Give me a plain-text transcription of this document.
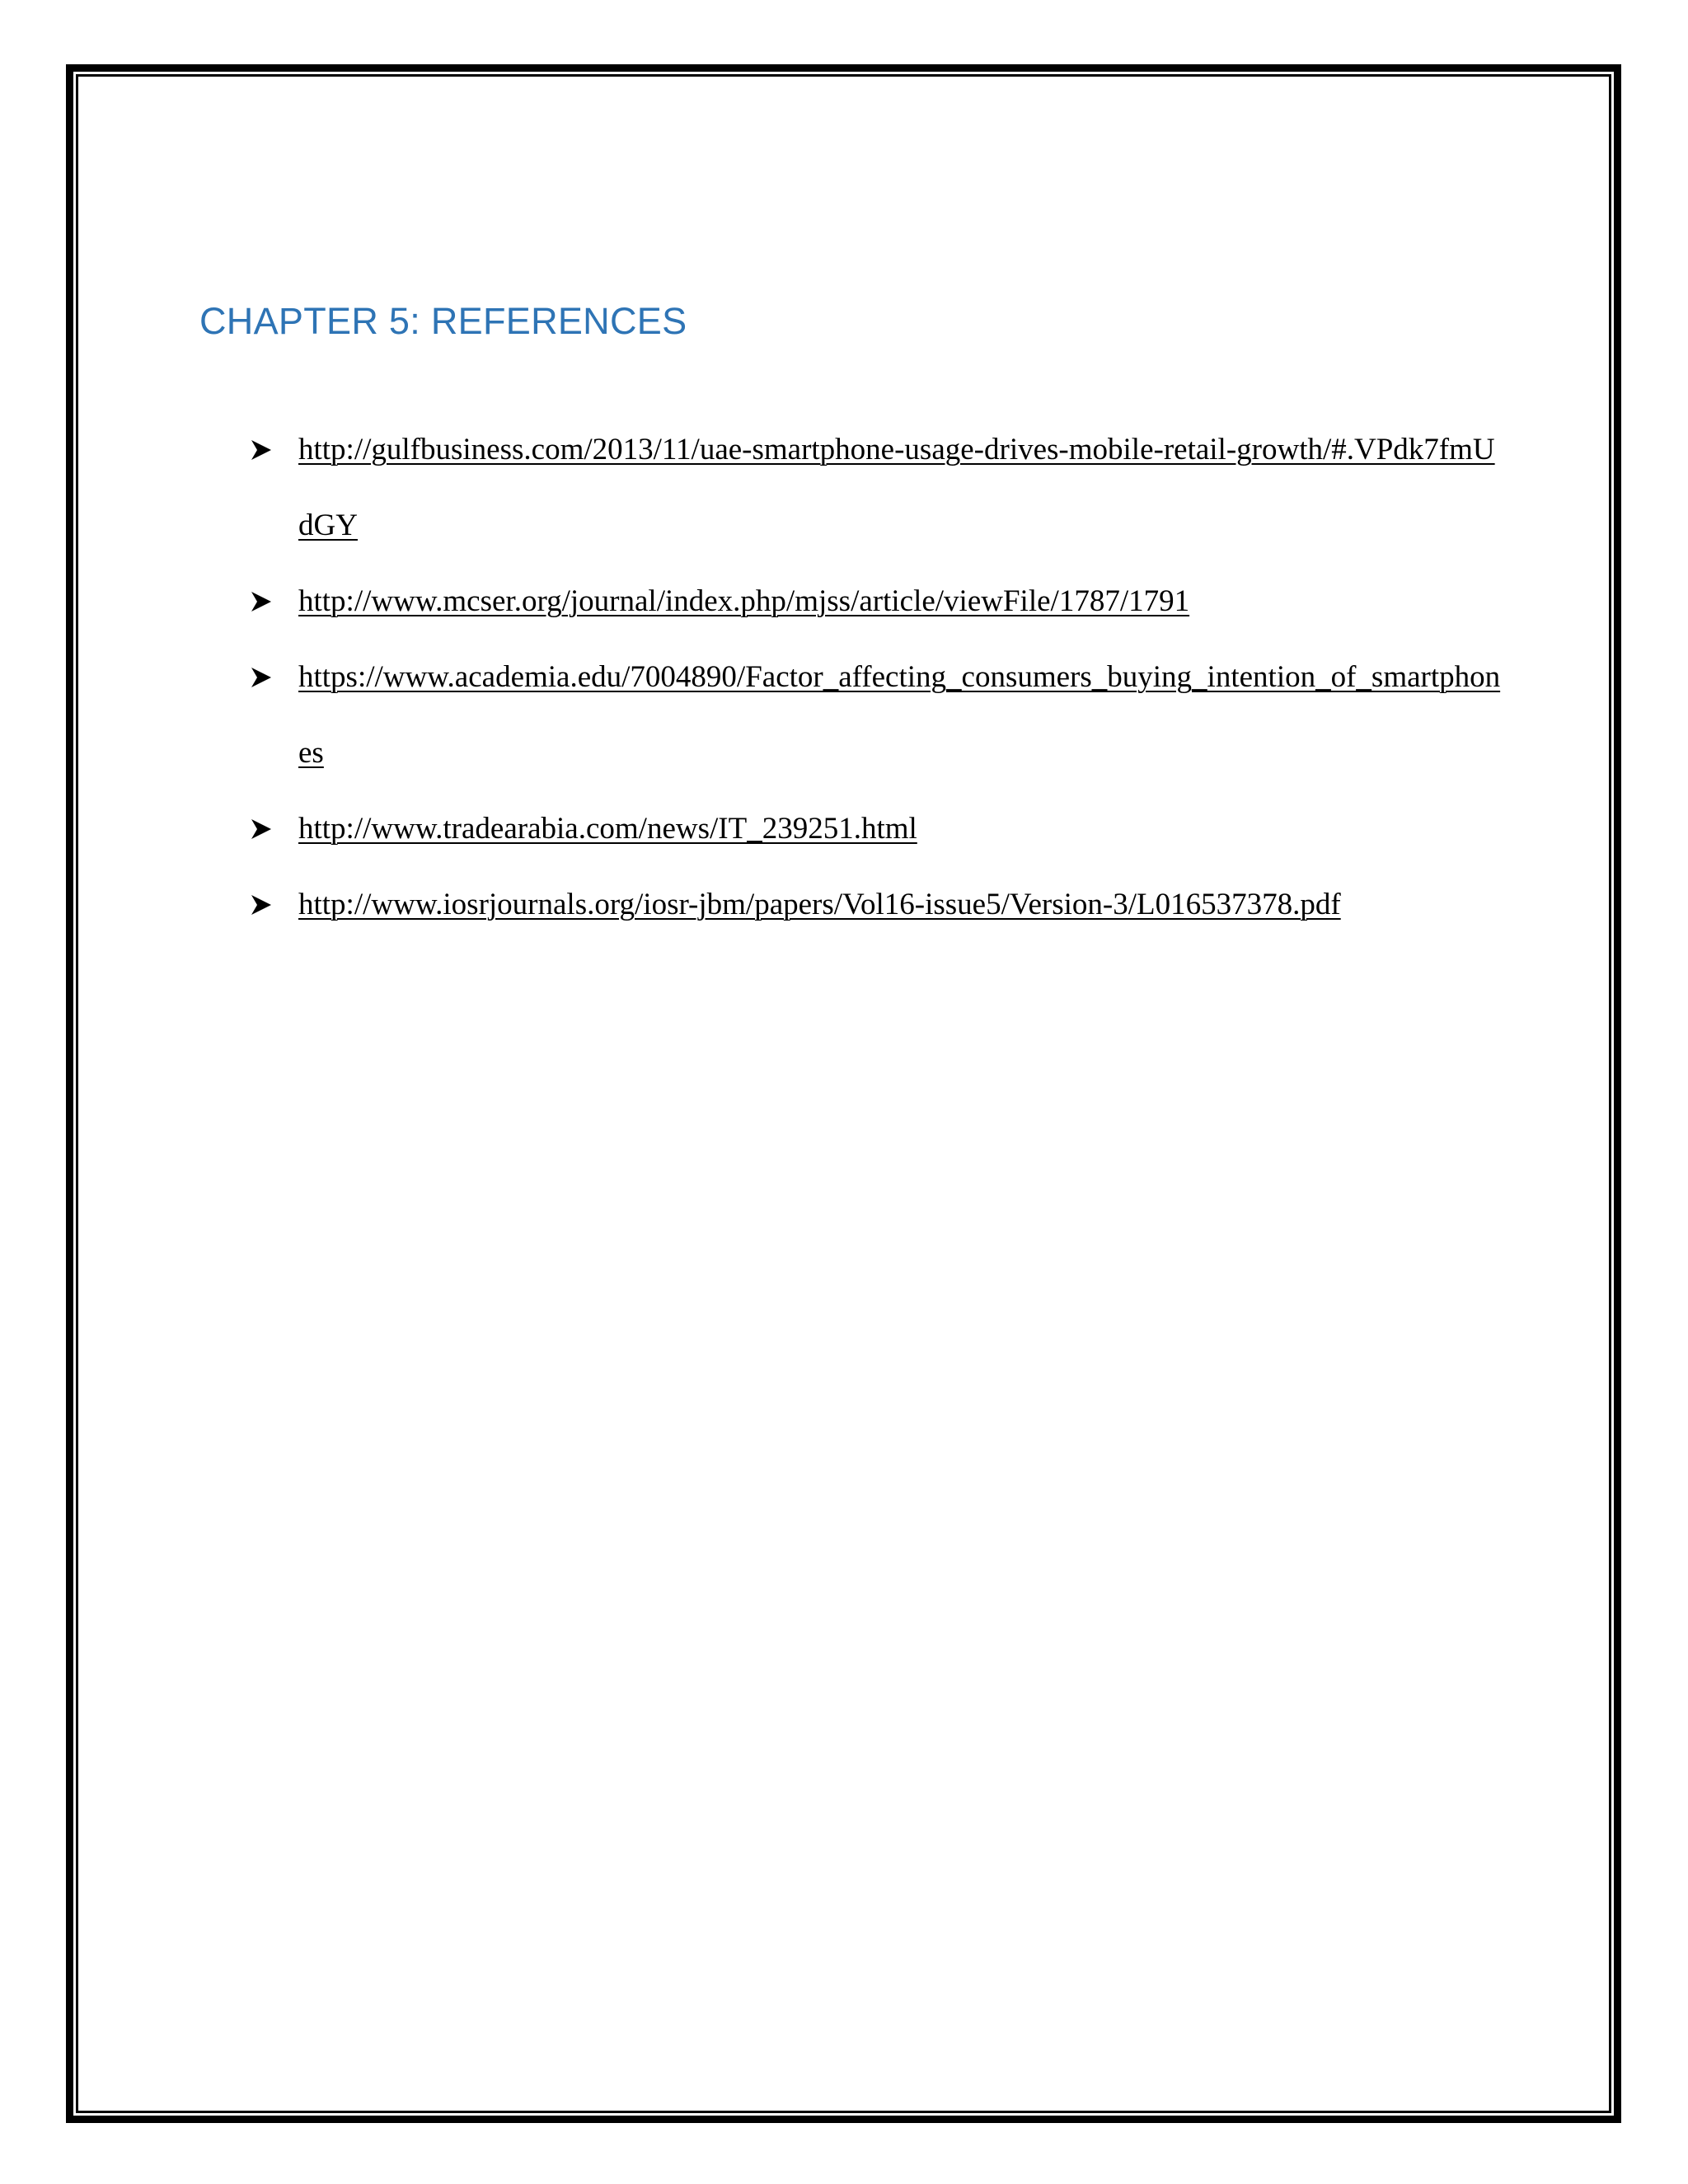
CHAPTER 5: REFERENCES
http://gulfbusiness.com/2013/11/uae-smartphone-usage-drives-mobile-retail-growth/#.VPdk7fmUdGY
http://www.mcser.org/journal/index.php/mjss/article/viewFile/1787/1791
https://www.academia.edu/7004890/Factor_affecting_consumers_buying_intention_of_smartphones
http://www.tradearabia.com/news/IT_239251.html
http://www.iosrjournals.org/iosr-jbm/papers/Vol16-issue5/Version-3/L016537378.pdf
